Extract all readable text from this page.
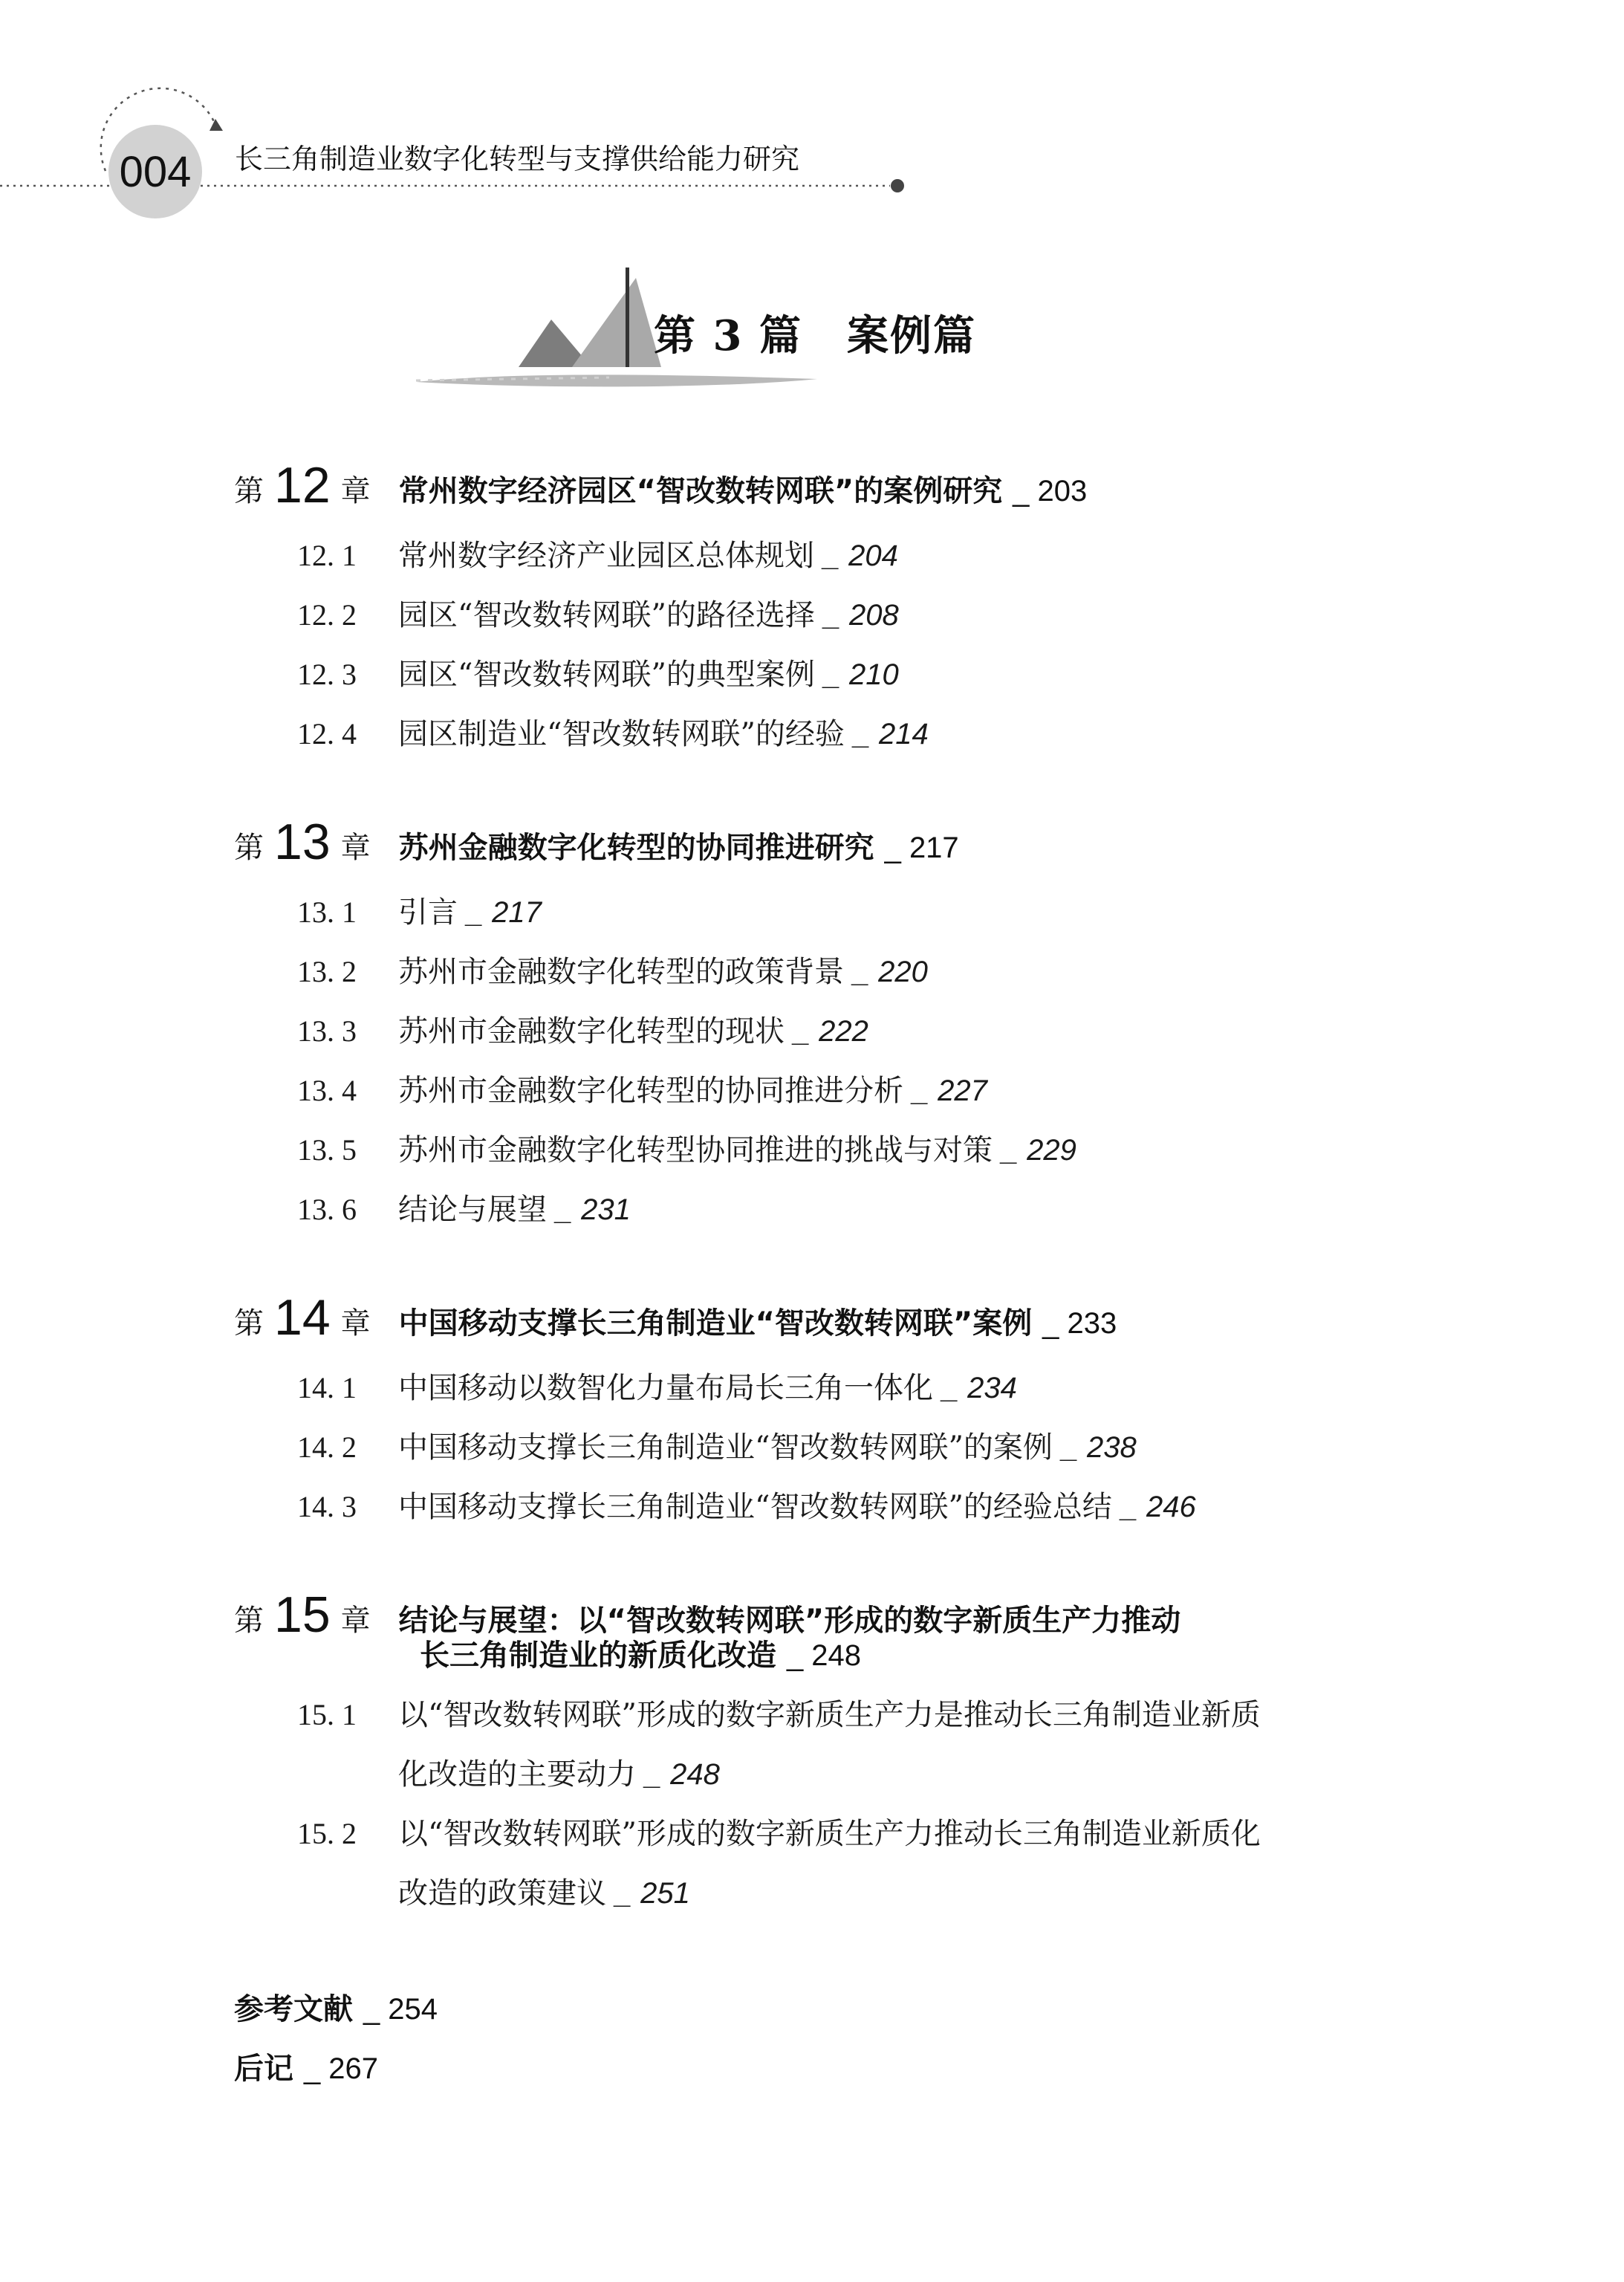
004	长三角制造业数字化转型与支撑供给能力研究
第 3 篇 案例篇
第 12 章 常州数字经济园区“智改数转网联”的案例研究 _ 203
12. 1 常州数字经济产业园区总体规划 _ 204
12. 2 园区“智改数转网联”的路径选择 _ 208
12. 3 园区“智改数转网联”的典型案例 _ 210
12. 4 园区制造业“智改数转网联”的经验 _ 214
第 13 章 苏州金融数字化转型的协同推进研究 _ 217
13. 1 引言 _ 217
13. 2 苏州市金融数字化转型的政策背景 _ 220
13. 3 苏州市金融数字化转型的现状 _ 222
13. 4 苏州市金融数字化转型的协同推进分析 _ 227
13. 5 苏州市金融数字化转型协同推进的挑战与对策 _ 229
13. 6 结论与展望 _ 231
第 14 章 中国移动支撑长三角制造业“智改数转网联”案例 _ 233
14. 1 中国移动以数智化力量布局长三角一体化 _ 234
14. 2 中国移动支撑长三角制造业“智改数转网联”的案例 _ 238
14. 3 中国移动支撑长三角制造业“智改数转网联”的经验总结 _ 246
第 15 章 结论与展望：以“智改数转网联”形成的数字新质生产力推动
长三角制造业的新质化改造 _ 248
15. 1 以“智改数转网联”形成的数字新质生产力是推动长三角制造业新质
化改造的主要动力 _ 248
15. 2 以“智改数转网联”形成的数字新质生产力推动长三角制造业新质化
改造的政策建议 _ 251
参考文献 _ 254
后记 _ 267
